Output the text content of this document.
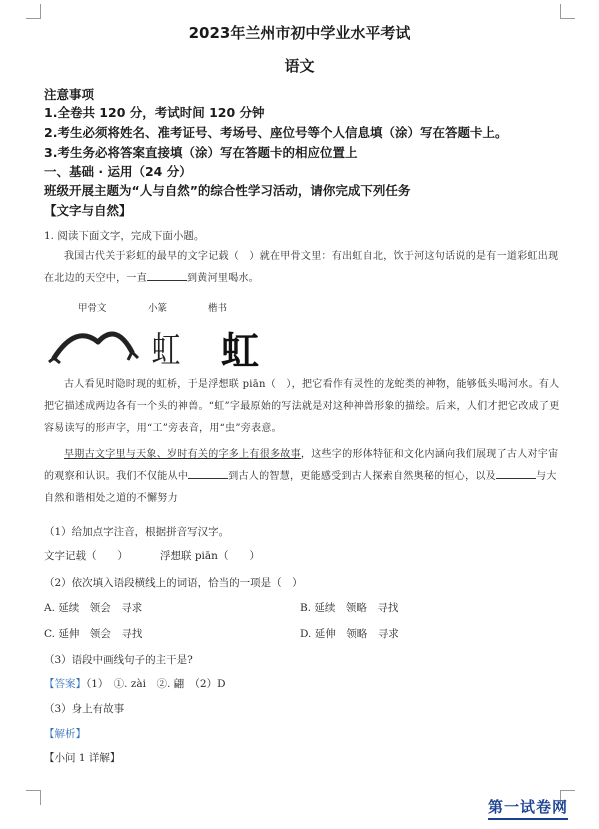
2023年兰州市初中学业水平考试
语文
注意事项
1.全卷共 120 分，考试时间 120 分钟
2.考生必须将姓名、准考证号、考场号、座位号等个人信息填（涂）写在答题卡上。
3.考生务必将答案直接填（涂）写在答题卡的相应位置上
一、基础 · 运用（24 分）
班级开展主题为“人与自然”的综合性学习活动，请你完成下列任务
【文字与自然】
1. 阅读下面文字，完成下面小题。
我国古代关于彩虹的最早的文字记载（　）就在甲骨文里：有出虹自北，饮于河这句话说的是有一道彩虹出现在北边的天空中，一直	到黄河里喝水。
甲骨文	小篆	楷书
虹 虹
古人看见时隐时现的虹桥，于是浮想联 piān（　），把它看作有灵性的龙蛇类的神物，能够低头喝河水。有人把它描述成两边各有一个头的神兽。“虹”字最原始的写法就是对这种神兽形象的描绘。后来，人们才把它改成了更容易读写的形声字，用“工”旁表音，用“虫”旁表意。
早期古文字里与天象、岁时有关的字多上有很多故事，这些字的形体特征和文化内涵向我们展现了古人对宇宙的观察和认识。我们不仅能从中	到古人的智慧，更能感受到古人探索自然奥秘的恒心，以及	与大自然和谐相处之道的不懈努力
（1）给加点字注音，根据拼音写汉字。
文字记载（　　）	浮想联 piān（　　）
（2）依次填入语段横线上的词语，恰当的一项是（　）
A. 延续　领会　寻求	B. 延续　领略　寻找
C. 延伸　领会　寻找	D. 延伸　领略　寻求
（3）语段中画线句子的主干是?
【答案】（1）　①. zài　②. 翩　（2）D
（3）身上有故事
【解析】
【小问 1 详解】
第一试卷网
